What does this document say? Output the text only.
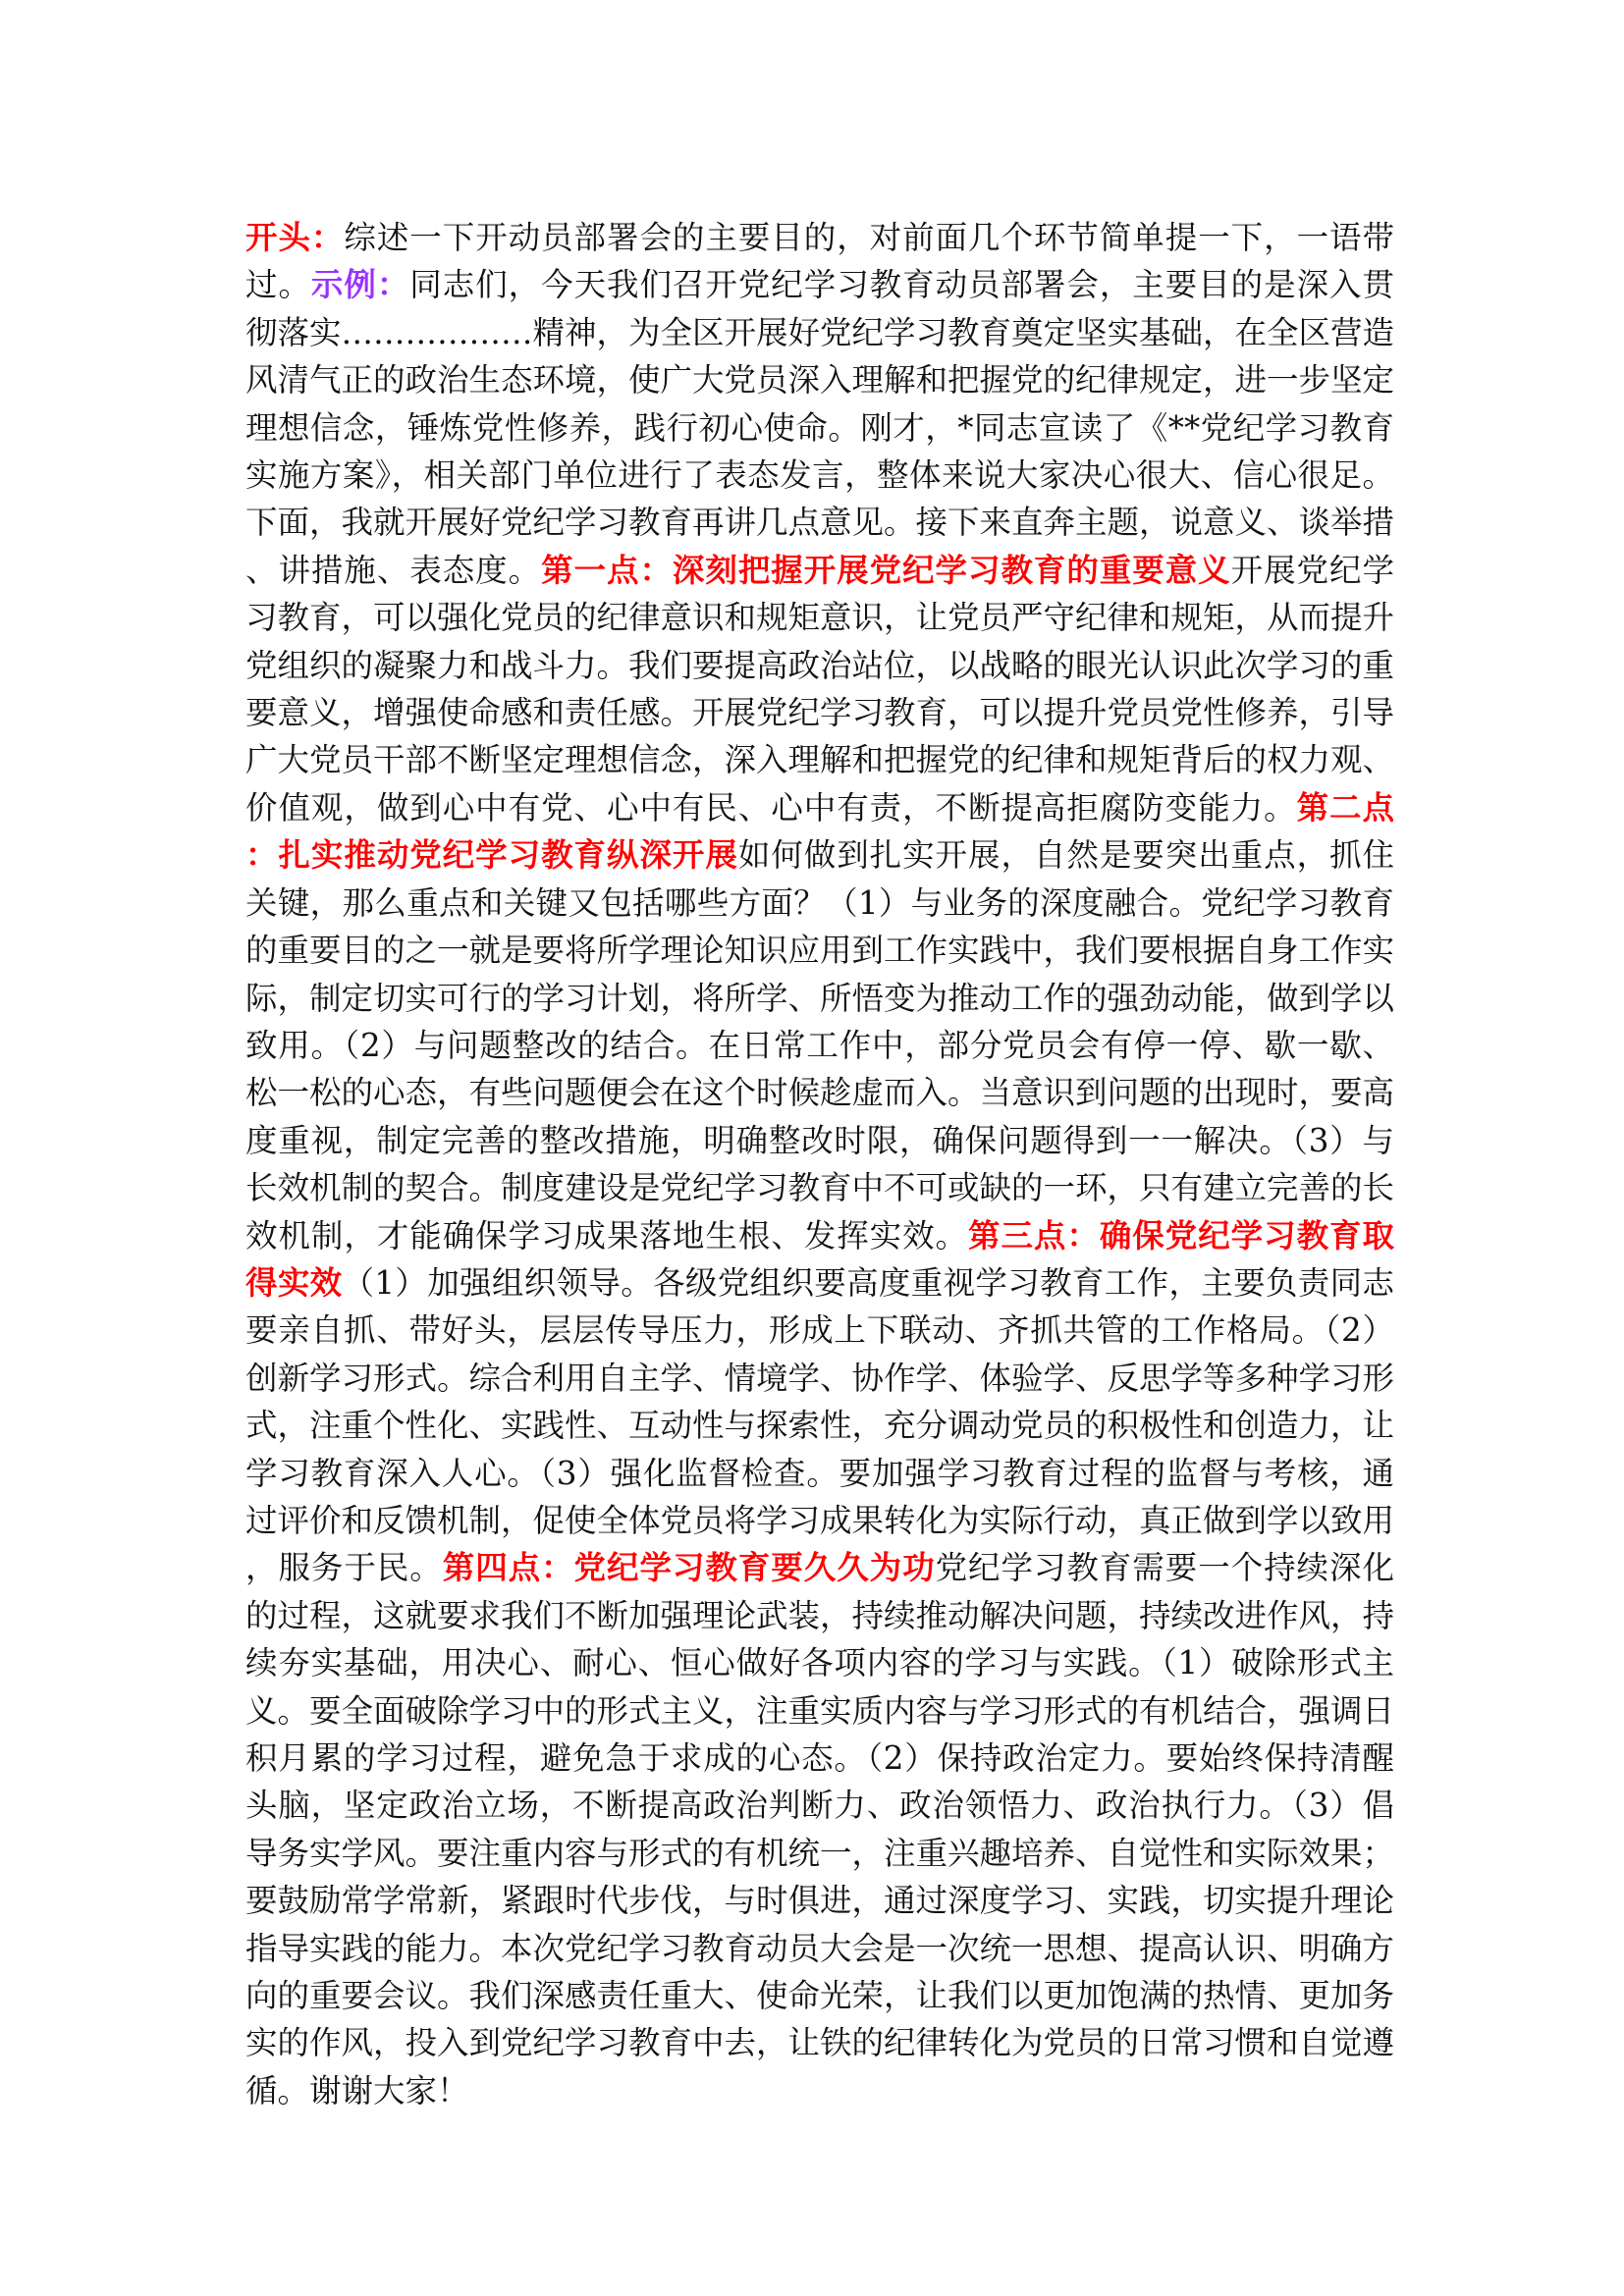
开头：综述一下开动员部署会的主要目的，对前面几个环节简单提一下，一语带过。示例：同志们，今天我们召开党纪学习教育动员部署会，主要目的是深入贯彻落实………………精神，为全区开展好党纪学习教育奠定坚实基础，在全区营造风清气正的政治生态环境，使广大党员深入理解和把握党的纪律规定，进一步坚定理想信念，锤炼党性修养，践行初心使命。刚才，*同志宣读了《**党纪学习教育实施方案》，相关部门单位进行了表态发言，整体来说大家决心很大、信心很足。下面，我就开展好党纪学习教育再讲几点意见。接下来直奔主题，说意义、谈举措、讲措施、表态度。第一点：深刻把握开展党纪学习教育的重要意义开展党纪学习教育，可以强化党员的纪律意识和规矩意识，让党员严守纪律和规矩，从而提升党组织的凝聚力和战斗力。我们要提高政治站位，以战略的眼光认识此次学习的重要意义，增强使命感和责任感。开展党纪学习教育，可以提升党员党性修养，引导广大党员干部不断坚定理想信念，深入理解和把握党的纪律和规矩背后的权力观、价值观，做到心中有党、心中有民、心中有责，不断提高拒腐防变能力。第二点：扎实推动党纪学习教育纵深开展如何做到扎实开展，自然是要突出重点，抓住关键，那么重点和关键又包括哪些方面？（1）与业务的深度融合。党纪学习教育的重要目的之一就是要将所学理论知识应用到工作实践中，我们要根据自身工作实际，制定切实可行的学习计划，将所学、所悟变为推动工作的强劲动能，做到学以致用。（2）与问题整改的结合。在日常工作中，部分党员会有停一停、歇一歇、松一松的心态，有些问题便会在这个时候趁虚而入。当意识到问题的出现时，要高度重视，制定完善的整改措施，明确整改时限，确保问题得到一一解决。（3）与长效机制的契合。制度建设是党纪学习教育中不可或缺的一环，只有建立完善的长效机制，才能确保学习成果落地生根、发挥实效。第三点：确保党纪学习教育取得实效（1）加强组织领导。各级党组织要高度重视学习教育工作，主要负责同志要亲自抓、带好头，层层传导压力，形成上下联动、齐抓共管的工作格局。（2）创新学习形式。综合利用自主学、情境学、协作学、体验学、反思学等多种学习形式，注重个性化、实践性、互动性与探索性，充分调动党员的积极性和创造力，让学习教育深入人心。（3）强化监督检查。要加强学习教育过程的监督与考核，通过评价和反馈机制，促使全体党员将学习成果转化为实际行动，真正做到学以致用，服务于民。第四点：党纪学习教育要久久为功党纪学习教育需要一个持续深化的过程，这就要求我们不断加强理论武装，持续推动解决问题，持续改进作风，持续夯实基础，用决心、耐心、恒心做好各项内容的学习与实践。（1）破除形式主义。要全面破除学习中的形式主义，注重实质内容与学习形式的有机结合，强调日积月累的学习过程，避免急于求成的心态。（2）保持政治定力。要始终保持清醒头脑，坚定政治立场，不断提高政治判断力、政治领悟力、政治执行力。（3）倡导务实学风。要注重内容与形式的有机统一，注重兴趣培养、自觉性和实际效果；要鼓励常学常新，紧跟时代步伐，与时俱进，通过深度学习、实践，切实提升理论指导实践的能力。本次党纪学习教育动员大会是一次统一思想、提高认识、明确方向的重要会议。我们深感责任重大、使命光荣，让我们以更加饱满的热情、更加务实的作风，投入到党纪学习教育中去，让铁的纪律转化为党员的日常习惯和自觉遵循。谢谢大家！
